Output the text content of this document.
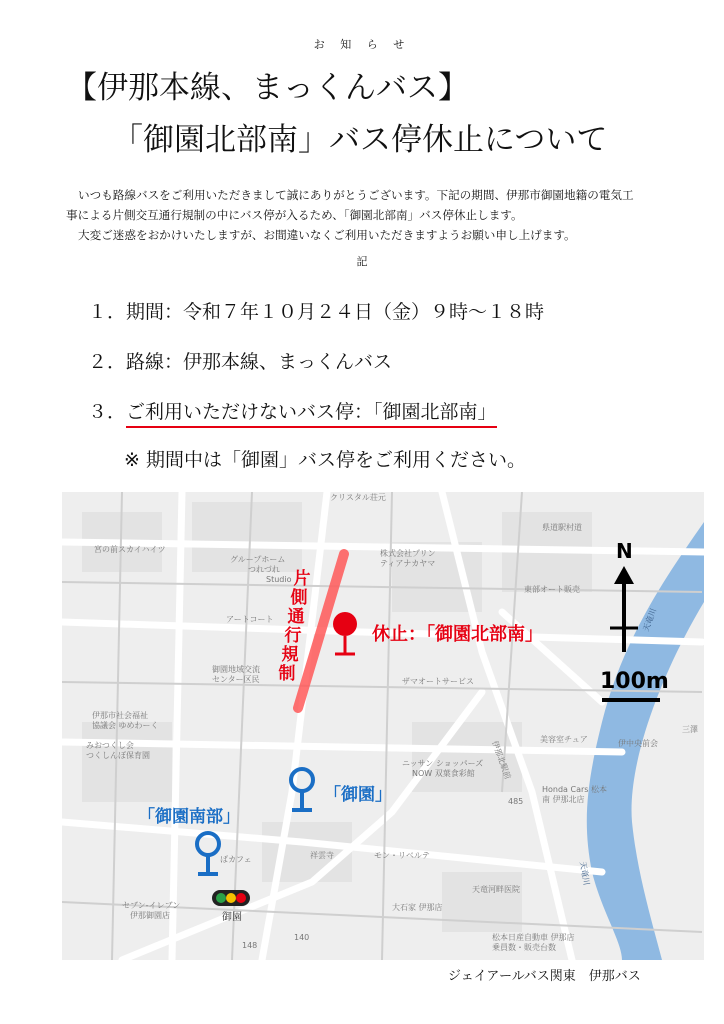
お 知 ら せ
【伊那本線、まっくんバス】
「御園北部南」バス停休止について

いつも路線バスをご利用いただきまして誠にありがとうございます。下記の期間、伊那市御園地籍の電気工

事による片側交互通行規制の中にバス停が入るため、「御園北部南」バス停休止します。

大変ご迷惑をおかけいたしますが、お間違いなくご利用いただきますようお願い申し上げます。

記
１．期間：令和７年１０月２４日（金）９時～１８時
２．路線：伊那本線、まっくんバス
３．ご利用いただけないバス停：「御園北部南」
※ 期間中は「御園」バス停をご利用ください。
クリスタル荘元
宮の前スカイハイツ
グループホーム
つれづれ
Studio
株式会社プリン
ティアナカヤマ
東部オート販売
アートコート
御園地域交流
センター区民	ザマオートサービス
伊那市社会福祉
協議会 ゆめわーく
みおつくし会
つくしんぼ保育園
美容室チュア
ニッサン ショッパーズ
NOW 双葉食彩館
祥雲寺	モン・リベルテ
ばカフェ
セブン-イレブン
伊那御園店
天竜河畔医院
大石家 伊那店
松本日産自動車 伊那店
乗員数・販売台数
伊中央前会
Honda Cars 松本
南 伊那北店
三澤
県道駅村道
伊那北駅前
485
140
148
天竜川
天竜川
片側通行規制
休止：「御園北部南」
「御園」
「御園南部」
御園
N
100m
ジェイアールバス関東　伊那バス
